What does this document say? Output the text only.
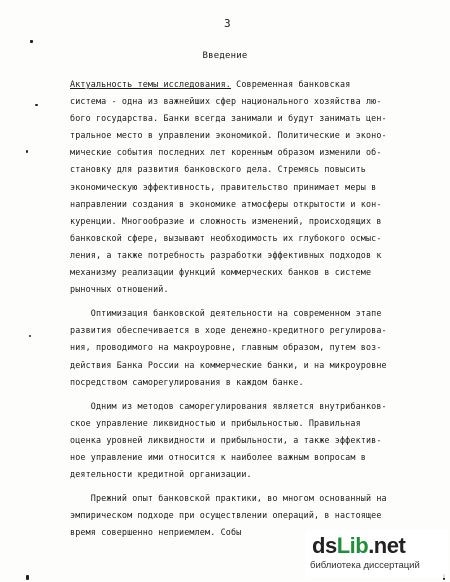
3
Введение
Актуальность темы исследования. Современная банковская
система - одна из важнейших сфер национального хозяйства лю-
бого государства. Банки всегда занимали и будут занимать цен-
тральное место в управлении экономикой. Политические и эконо-
мические события последних лет коренным образом изменили об-
становку для развития банковского дела. Стремясь повысить
экономическую эффективность, правительство принимает меры в
направлении создания в экономике атмосферы открытости и кон-
куренции. Многообразие и сложность изменений, происходящих в
банковской сфере, вызывают необходимость их глубокого осмыс-
ления, а также потребность разработки эффективных подходов к
механизму реализации функций коммерческих банков в системе
рыночных отношений.
Оптимизация банковской деятельности на современном этапе
развития обеспечивается в ходе денежно-кредитного регулирова-
ния, проводимого на макроуровне, главным образом, путем воз-
действия Банка России на коммерческие банки, и на микроуровне
посредством саморегулирования в каждом банке.
Одним из методов саморегулирования является внутрибанков-
ское управление ликвидностью и прибыльностью. Правильная
оценка уровней ликвидности и прибыльности, а также эффектив-
ное управление ими относится к наиболее важным вопросам в
деятельности кредитной организации.
Прежний опыт банковской практики, во многом основанный на
эмпирическом подходе при осуществлении операций, в настоящее
время совершенно неприемлем. Собы
dsLib.net
библиотека диссертаций
